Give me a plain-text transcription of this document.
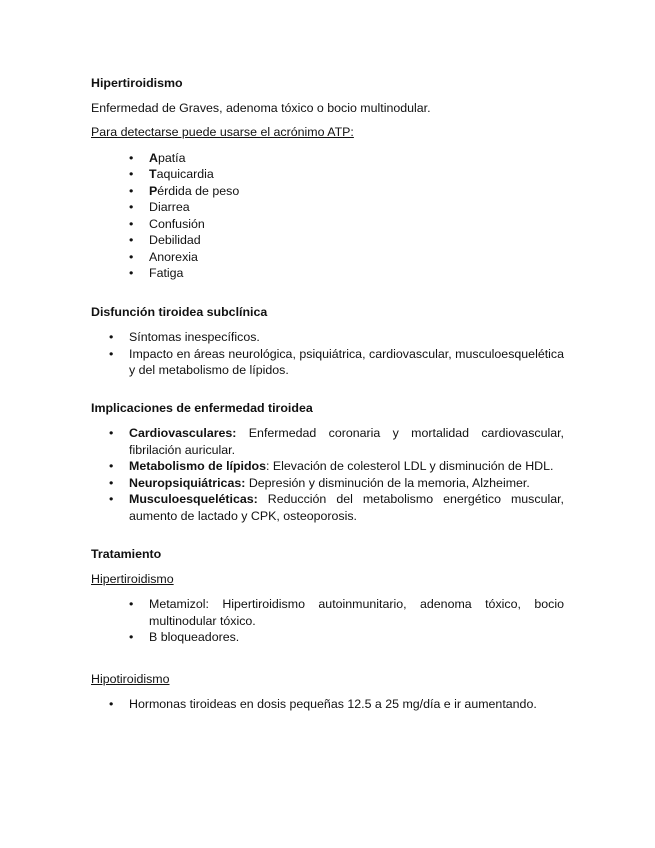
Hipertiroidismo

Enfermedad de Graves, adenoma tóxico o bocio multinodular.

Para detectarse puede usarse el acrónimo ATP:

• Apatía
• Taquicardia
• Pérdida de peso
• Diarrea
• Confusión
• Debilidad
• Anorexia
• Fatiga
Disfunción tiroidea subclínica
• Síntomas inespecíficos.
• Impacto en áreas neurológica, psiquiátrica, cardiovascular, musculoesquelética y del metabolismo de lípidos.
Implicaciones de enfermedad tiroidea
• Cardiovasculares: Enfermedad coronaria y mortalidad cardiovascular, fibrilación auricular.
• Metabolismo de lípidos: Elevación de colesterol LDL y disminución de HDL.
• Neuropsiquiátricas: Depresión y disminución de la memoria, Alzheimer.
• Musculoesqueléticas: Reducción del metabolismo energético muscular, aumento de lactado y CPK, osteoporosis.
Tratamiento

Hipertiroidismo

• Metamizol: Hipertiroidismo autoinmunitario, adenoma tóxico, bocio multinodular tóxico.
• B bloqueadores.

Hipotiroidismo

• Hormonas tiroideas en dosis pequeñas 12.5 a 25 mg/día e ir aumentando.
